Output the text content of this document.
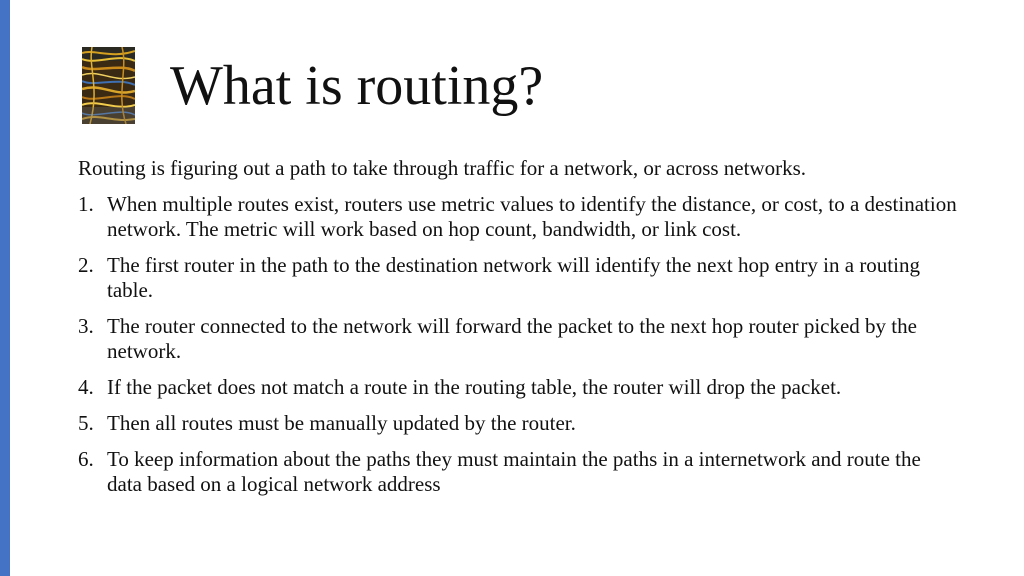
What is routing?

Routing is figuring out a path to take through traffic for a network, or across networks.

1. When multiple routes exist, routers use metric values to identify the distance, or cost, to a destination network. The metric will work based on hop count, bandwidth, or link cost.
2. The first router in the path to the destination network will identify the next hop entry in a routing table.
3. The router connected to the network will forward the packet to the next hop router picked by the network.
4. If the packet does not match a route in the routing table, the router will drop the packet.
5. Then all routes must be manually updated by the router.
6. To keep information about the paths they must maintain the paths in a internetwork and route the data based on a logical network address
